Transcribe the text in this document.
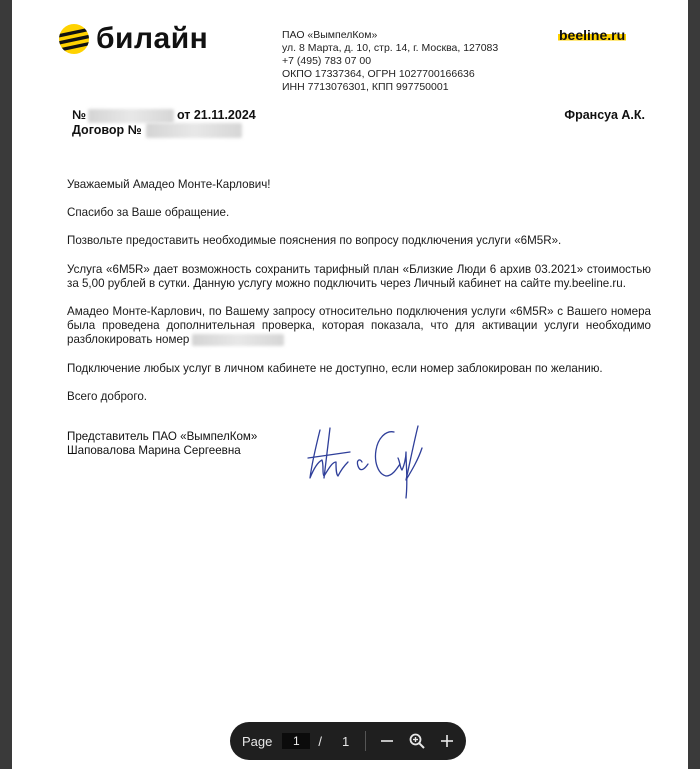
билайн	ПАО «ВымпелКом»
ул. 8 Марта, д. 10, стр. 14, г. Москва, 127083
+7 (495) 783 07 00
ОКПО 17337364, ОГРН 1027700166636
ИНН 7713076301, КПП 997750001
beeline.ru
№	от 21.11.2024
Договор №
Франсуа А.К.

Уважаемый Амадео Монте-Карлович!

Спасибо за Ваше обращение.

Позвольте предоставить необходимые пояснения по вопросу подключения услуги «6M5R».

Услуга «6M5R» дает возможность сохранить тарифный план «Близкие Люди 6 архив 03.2021» стоимостью за 5,00 рублей в сутки. Данную услугу можно подключить через Личный кабинет на сайте my.beeline.ru.

Амадео Монте-Карлович, по Вашему запросу относительно подключения услуги «6M5R» с Вашего номера была проведена дополнительная проверка, которая показала, что для активации услуги необходимо разблокировать номер

Подключение любых услуг в личном кабинете не доступно, если номер заблокирован по желанию.

Всего доброго.

Представитель ПАО «ВымпелКом»
Шаповалова Марина Сергеевна
Page	1	/ 1
